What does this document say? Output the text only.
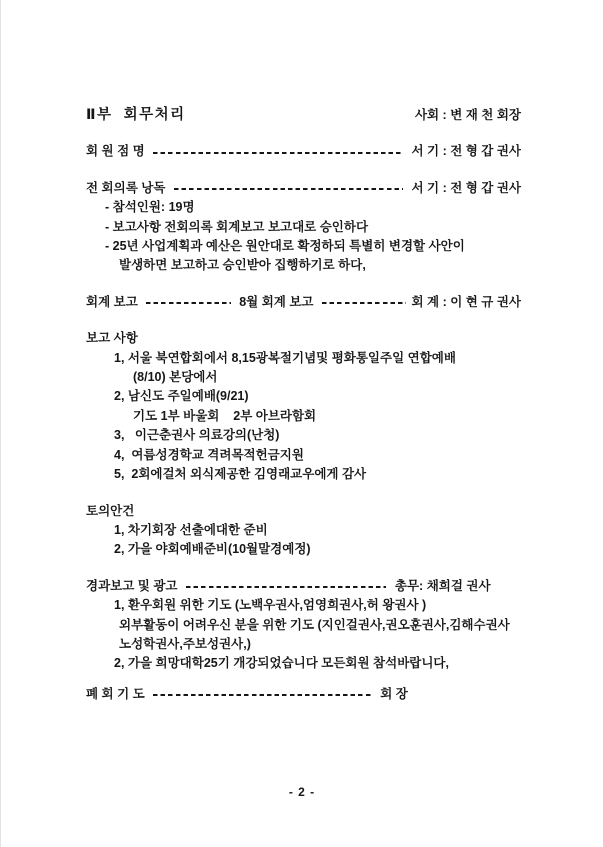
Ⅱ부  회무처리	사회 : 변 재 천 회장
회 원 점 명	서 기 : 전 형 갑 권사
전 회의록 낭독	서 기 : 전 형 갑 권사
- 참석인원: 19명
- 보고사항 전회의록 회계보고 보고대로 승인하다
- 25년 사업계획과 예산은 원안대로 확정하되 특별히 변경할 사안이
발생하면 보고하고 승인받아 집행하기로 하다,
회계 보고	8월 회계 보고	회 계 : 이 현 규 권사
보고 사항
1, 서울 북연합회에서 8,15광복절기념및 평화통일주일 연합예배
(8/10) 본당에서
2, 남신도 주일예배(9/21)
기도 1부 바울회    2부 아브라함회
3,   이근춘권사 의료강의(난청)
4,  여름성경학교 격려목적헌금지원
5,  2회에걸처 외식제공한 김영래교우에게 감사
토의안건
1, 차기회장 선출에대한 준비
2, 가을 야회예배준비(10월말경예정)
경과보고 및 광고	총무: 채희걸 권사
1, 환우회원 위한 기도 (노백우권사,엄영희권사,허 왕권사 )
외부활동이 어려우신 분을 위한 기도 (지인걸권사,권오훈권사,김해수권사
노성학권사,주보성권사,)
2, 가을 희망대학25기 개강되었습니다 모든회원 참석바랍니다,
폐 회 기 도	회 장
- 2 -
